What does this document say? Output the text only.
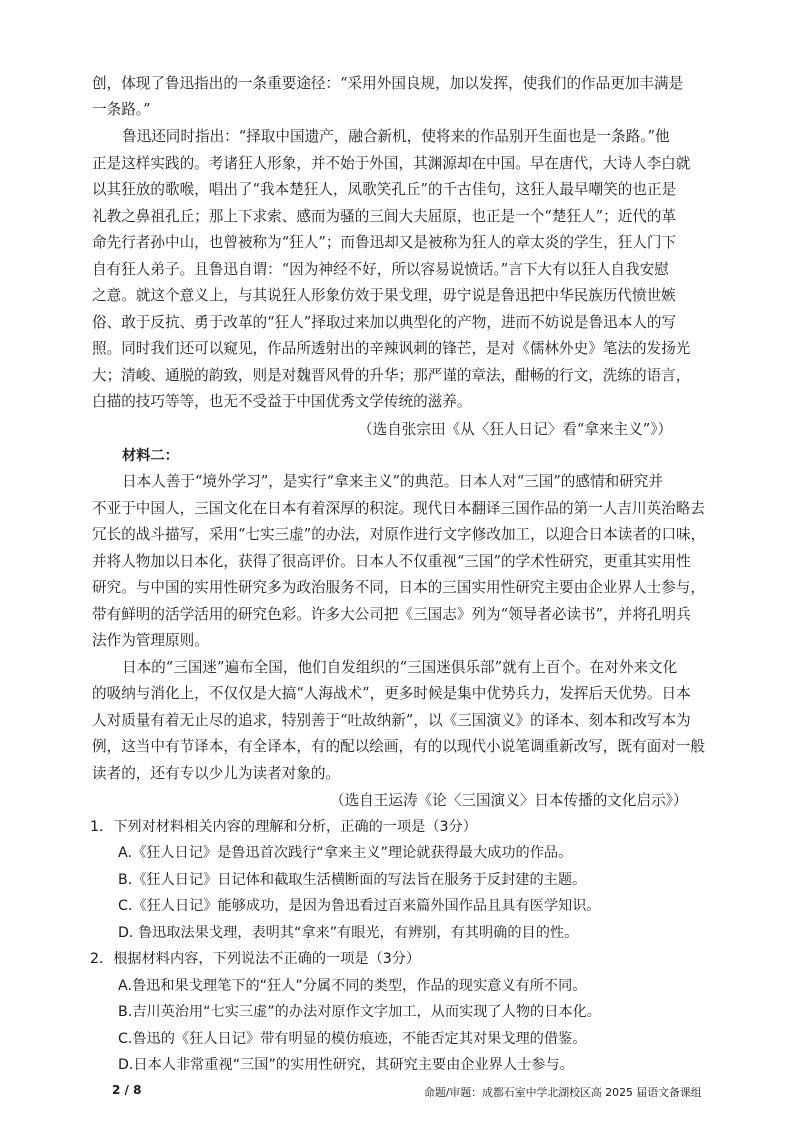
创，体现了鲁迅指出的一条重要途径：“采用外国良规，加以发挥，使我们的作品更加丰满是
一条路。”
鲁迅还同时指出：“择取中国遗产，融合新机，使将来的作品别开生面也是一条路。”他
正是这样实践的。考诸狂人形象，并不始于外国，其渊源却在中国。早在唐代，大诗人李白就
以其狂放的歌喉，唱出了“我本楚狂人，凤歌笑孔丘”的千古佳句，这狂人最早嘲笑的也正是
礼教之鼻祖孔丘；那上下求索、感而为骚的三闾大夫屈原，也正是一个“楚狂人”；近代的革
命先行者孙中山，也曾被称为“狂人”；而鲁迅却又是被称为狂人的章太炎的学生，狂人门下
自有狂人弟子。且鲁迅自谓：“因为神经不好，所以容易说愤话。”言下大有以狂人自我安慰
之意。就这个意义上，与其说狂人形象仿效于果戈理，毋宁说是鲁迅把中华民族历代愤世嫉
俗、敢于反抗、勇于改革的“狂人”择取过来加以典型化的产物，进而不妨说是鲁迅本人的写
照。同时我们还可以窥见，作品所透射出的辛辣讽刺的锋芒，是对《儒林外史》笔法的发扬光
大；清峻、通脱的韵致，则是对魏晋风骨的升华；那严谨的章法，酣畅的行文，洗练的语言，
白描的技巧等等，也无不受益于中国优秀文学传统的滋养。
（选自张宗田《从〈狂人日记〉看“拿来主义”》）
材料二：
日本人善于“境外学习”，是实行“拿来主义”的典范。日本人对“三国”的感情和研究并
不亚于中国人，三国文化在日本有着深厚的积淀。现代日本翻译三国作品的第一人吉川英治略去
冗长的战斗描写，采用“七实三虚”的办法，对原作进行文字修改加工，以迎合日本读者的口味，
并将人物加以日本化，获得了很高评价。日本人不仅重视“三国”的学术性研究，更重其实用性
研究。与中国的实用性研究多为政治服务不同，日本的三国实用性研究主要由企业界人士参与，
带有鲜明的活学活用的研究色彩。许多大公司把《三国志》列为“领导者必读书”，并将孔明兵
法作为管理原则。
日本的“三国迷”遍布全国，他们自发组织的“三国迷俱乐部”就有上百个。在对外来文化
的吸纳与消化上，不仅仅是大搞“人海战术”，更多时候是集中优势兵力，发挥后天优势。日本
人对质量有着无止尽的追求，特别善于“吐故纳新”，以《三国演义》的译本、刻本和改写本为
例，这当中有节译本，有全译本，有的配以绘画，有的以现代小说笔调重新改写，既有面对一般
读者的，还有专以少儿为读者对象的。
（选自王运涛《论〈三国演义〉日本传播的文化启示》）
1．下列对材料相关内容的理解和分析，正确的一项是（3分）
A.《狂人日记》是鲁迅首次践行“拿来主义”理论就获得最大成功的作品。
B.《狂人日记》日记体和截取生活横断面的写法旨在服务于反封建的主题。
C.《狂人日记》能够成功，是因为鲁迅看过百来篇外国作品且具有医学知识。
D. 鲁迅取法果戈理，表明其“拿来”有眼光，有辨别，有其明确的目的性。
2．根据材料内容，下列说法不正确的一项是（3分）
A.鲁迅和果戈理笔下的“狂人”分属不同的类型，作品的现实意义有所不同。
B.吉川英治用“七实三虚”的办法对原作文字加工，从而实现了人物的日本化。
C.鲁迅的《狂人日记》带有明显的模仿痕迹，不能否定其对果戈理的借鉴。
D.日本人非常重视“三国”的实用性研究，其研究主要由企业界人士参与。
2 / 8	命题/审题：成都石室中学北湖校区高 2025 届语文备课组
